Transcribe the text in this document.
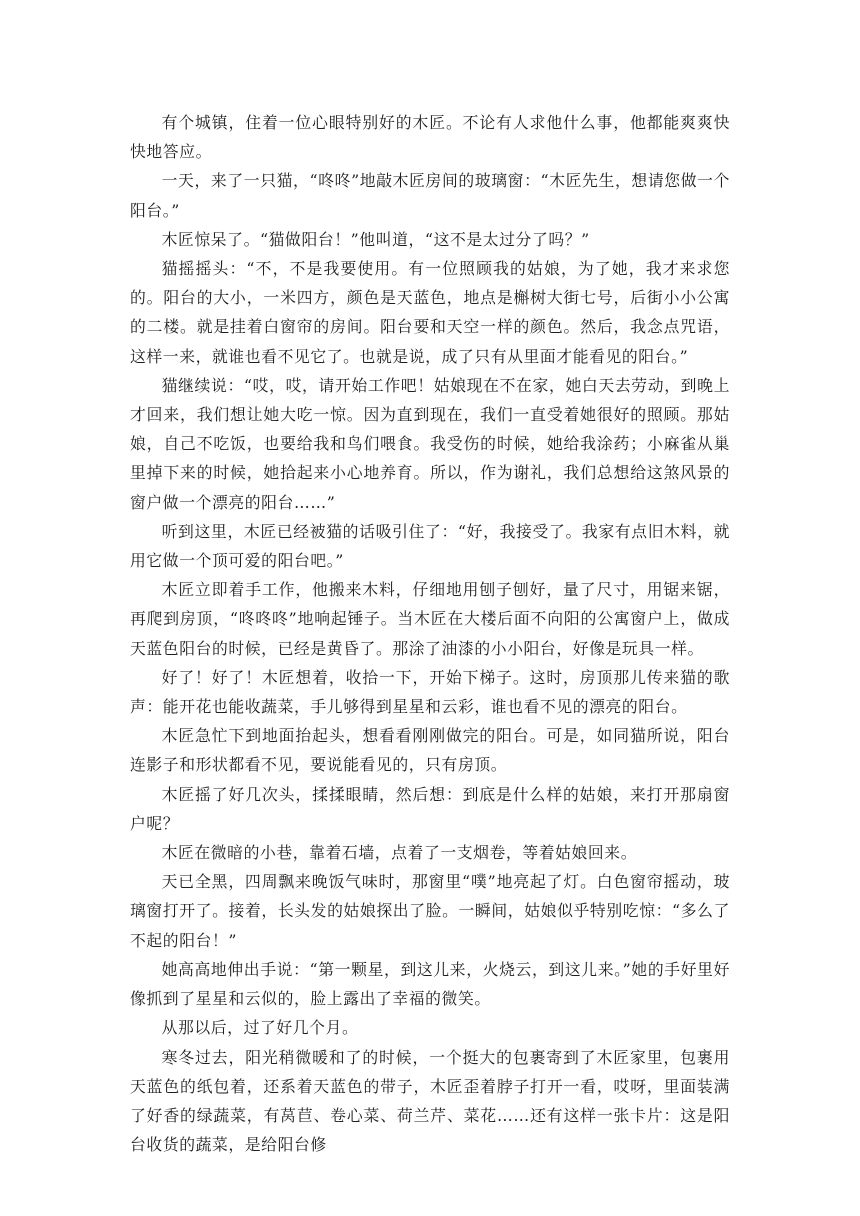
有个城镇，住着一位心眼特别好的木匠。不论有人求他什么事，他都能爽爽快快地答应。

一天，来了一只猫，“咚咚”地敲木匠房间的玻璃窗：“木匠先生，想请您做一个阳台。”

木匠惊呆了。“猫做阳台！”他叫道，“这不是太过分了吗？”

猫摇摇头：“不，不是我要使用。有一位照顾我的姑娘，为了她，我才来求您的。阳台的大小，一米四方，颜色是天蓝色，地点是槲树大街七号，后街小小公寓的二楼。就是挂着白窗帘的房间。阳台要和天空一样的颜色。然后，我念点咒语，这样一来，就谁也看不见它了。也就是说，成了只有从里面才能看见的阳台。”

猫继续说：“哎，哎，请开始工作吧！姑娘现在不在家，她白天去劳动，到晚上才回来，我们想让她大吃一惊。因为直到现在，我们一直受着她很好的照顾。那姑娘，自己不吃饭，也要给我和鸟们喂食。我受伤的时候，她给我涂药；小麻雀从巢里掉下来的时候，她拾起来小心地养育。所以，作为谢礼，我们总想给这煞风景的窗户做一个漂亮的阳台……”

听到这里，木匠已经被猫的话吸引住了：“好，我接受了。我家有点旧木料，就用它做一个顶可爱的阳台吧。”

木匠立即着手工作，他搬来木料，仔细地用刨子刨好，量了尺寸，用锯来锯，再爬到房顶，“咚咚咚”地响起锤子。当木匠在大楼后面不向阳的公寓窗户上，做成天蓝色阳台的时候，已经是黄昏了。那涂了油漆的小小阳台，好像是玩具一样。

好了！好了！木匠想着，收拾一下，开始下梯子。这时，房顶那儿传来猫的歌声：能开花也能收蔬菜，手儿够得到星星和云彩，谁也看不见的漂亮的阳台。

木匠急忙下到地面抬起头，想看看刚刚做完的阳台。可是，如同猫所说，阳台连影子和形状都看不见，要说能看见的，只有房顶。

木匠摇了好几次头，揉揉眼睛，然后想：到底是什么样的姑娘，来打开那扇窗户呢？

木匠在微暗的小巷，靠着石墙，点着了一支烟卷，等着姑娘回来。

天已全黑，四周飘来晚饭气味时，那窗里“噗”地亮起了灯。白色窗帘摇动，玻璃窗打开了。接着，长头发的姑娘探出了脸。一瞬间，姑娘似乎特别吃惊：“多么了不起的阳台！”

她高高地伸出手说：“第一颗星，到这儿来，火烧云，到这儿来。”她的手好里好像抓到了星星和云似的，脸上露出了幸福的微笑。

从那以后，过了好几个月。

寒冬过去，阳光稍微暖和了的时候，一个挺大的包裹寄到了木匠家里，包裹用天蓝色的纸包着，还系着天蓝色的带子，木匠歪着脖子打开一看，哎呀，里面装满了好香的绿蔬菜，有莴苣、卷心菜、荷兰芹、菜花……还有这样一张卡片：这是阳台收货的蔬菜，是给阳台修
